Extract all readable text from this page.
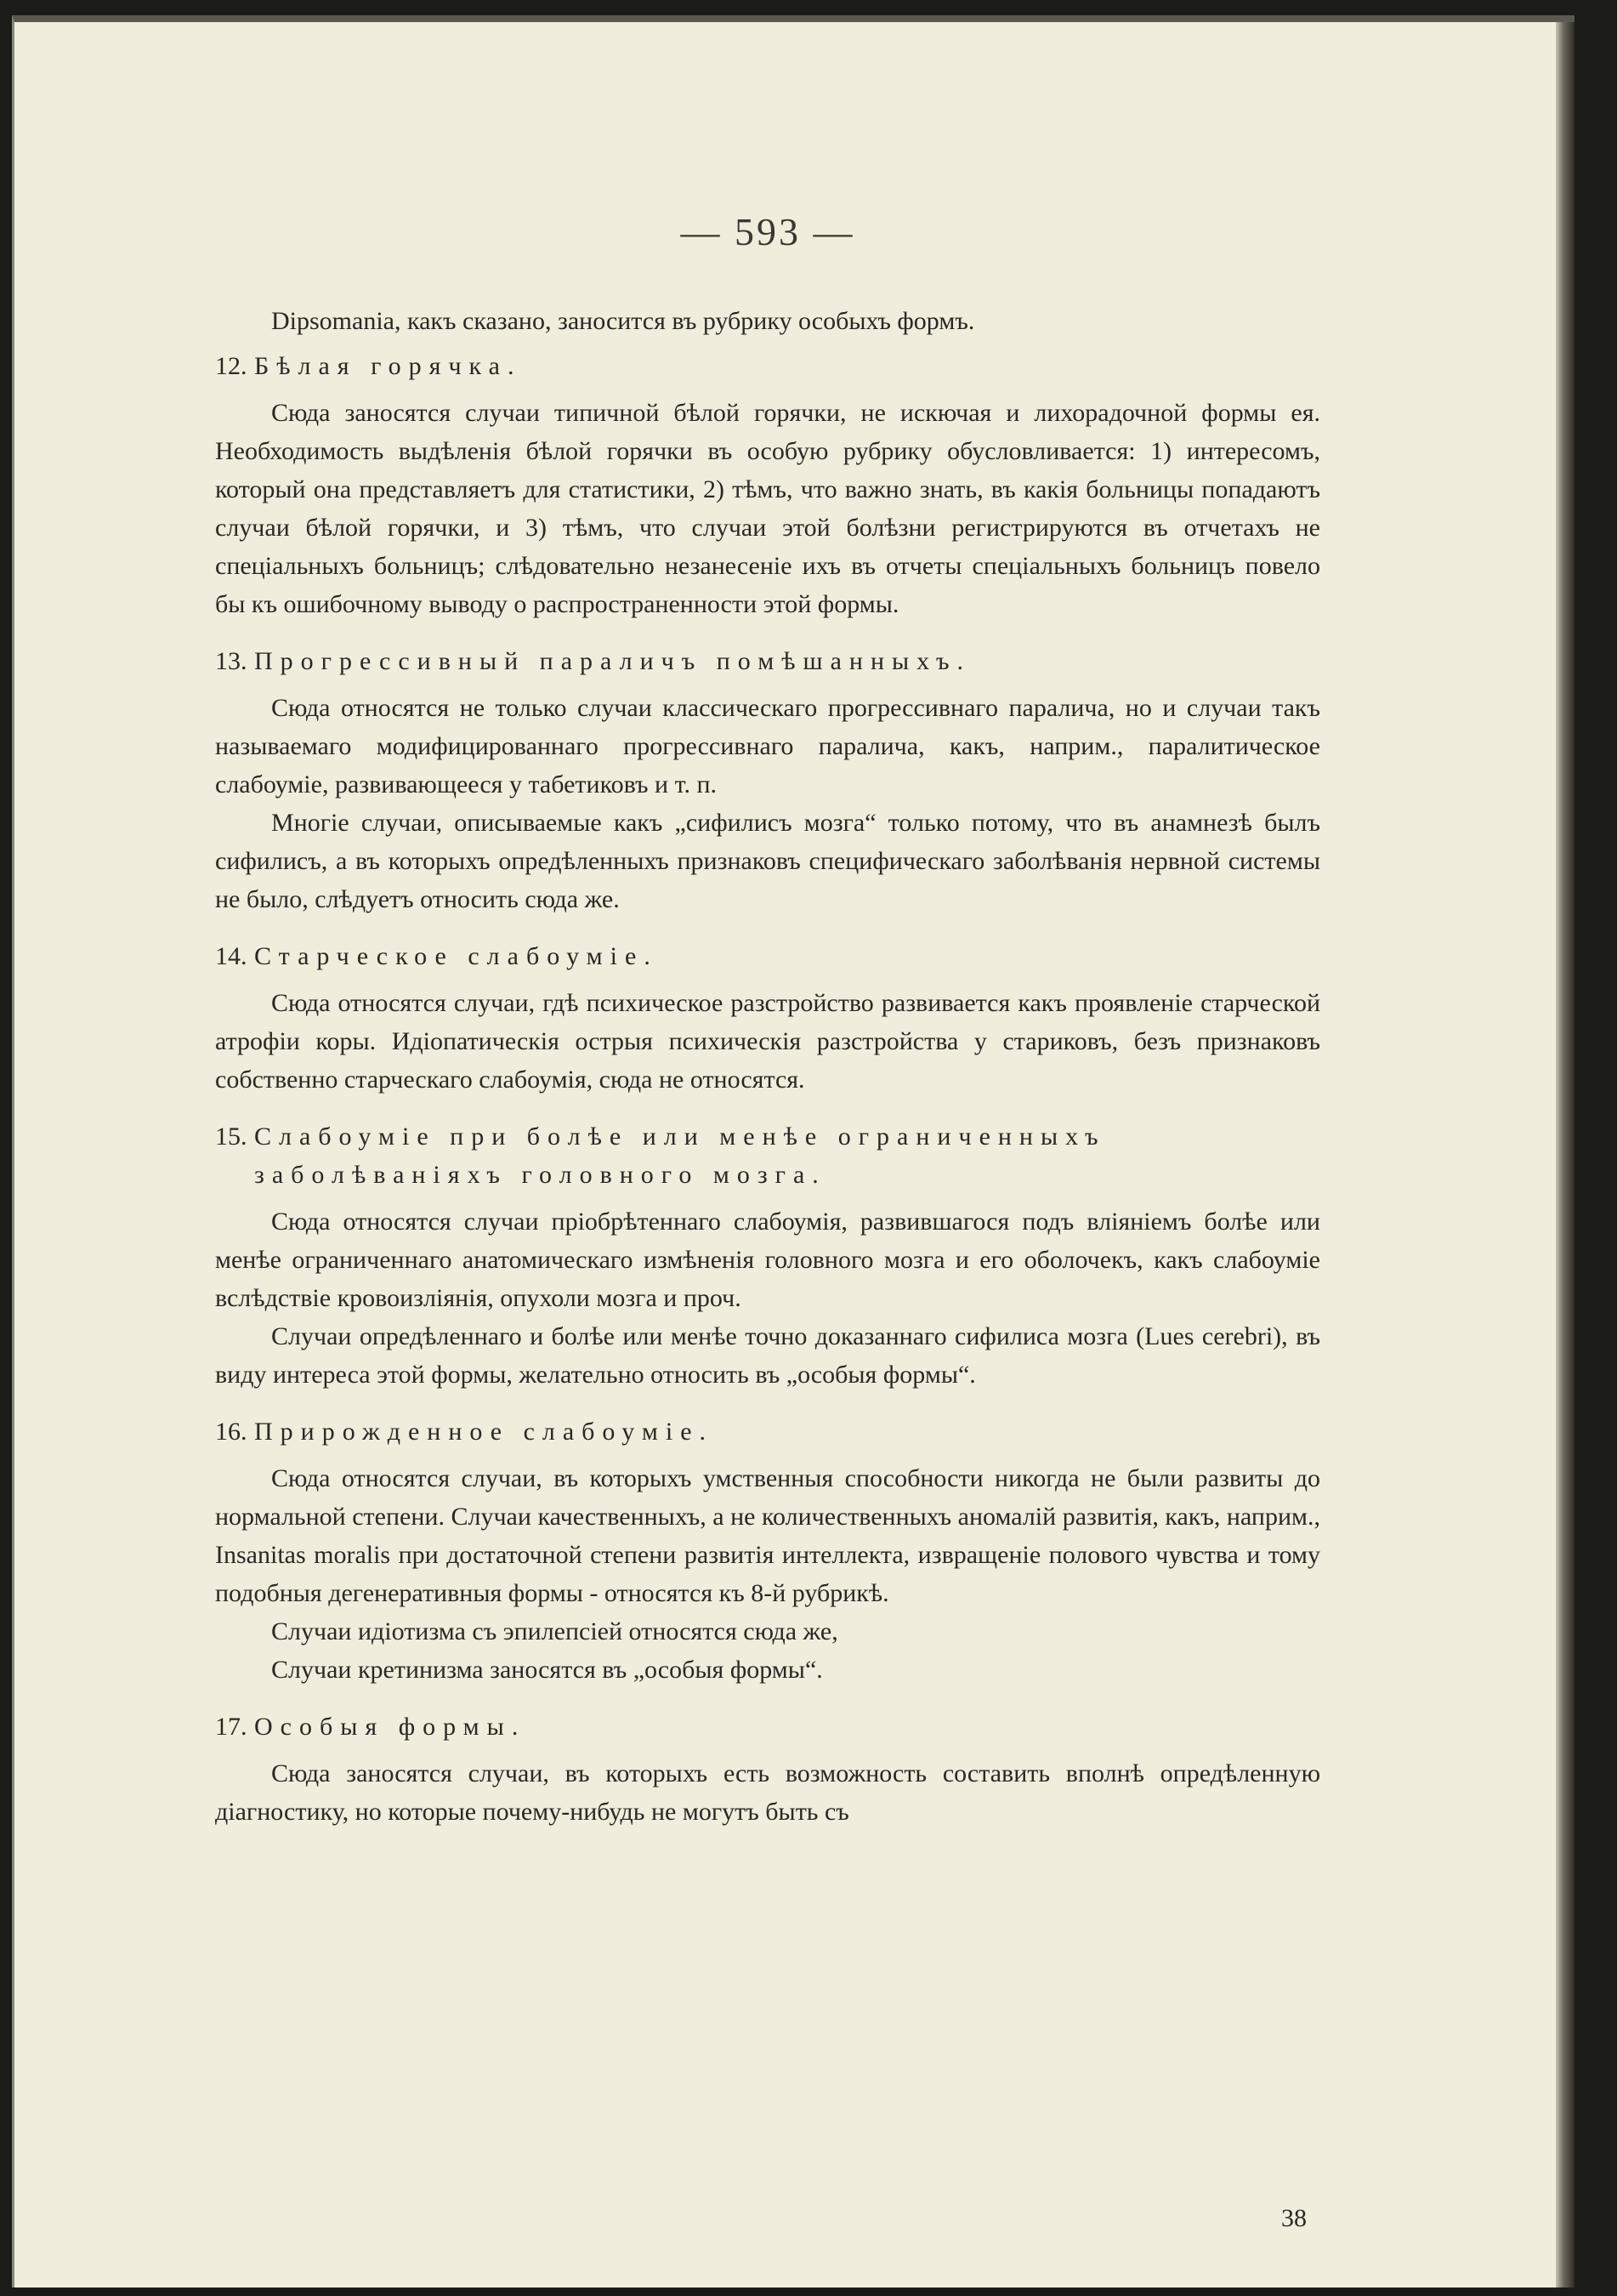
— 593 —

Dipsomania, какъ сказано, заносится въ рубрику особыхъ формъ.

12. Бѣлая горячка.

Сюда заносятся случаи типичной бѣлой горячки, не искючая и лихорадочной формы ея. Необходимость выдѣленія бѣлой горячки въ особую рубрику обусловливается: 1) интересомъ, который она представляетъ для статистики, 2) тѣмъ, что важно знать, въ какія больницы попадаютъ случаи бѣлой горячки, и 3) тѣмъ, что случаи этой болѣзни регистрируются въ отчетахъ не спеціальныхъ больницъ; слѣдовательно незанесеніе ихъ въ отчеты спеціальныхъ больницъ повело бы къ ошибочному выводу о распространенности этой формы.

13. Прогрессивный параличъ помѣшанныхъ.

Сюда относятся не только случаи классическаго прогрессивнаго паралича, но и случаи такъ называемаго модифицированнаго прогрессивнаго паралича, какъ, наприм., паралитическое слабоуміе, развивающееся у табетиковъ и т. п.

Многіе случаи, описываемые какъ „сифилисъ мозга“ только потому, что въ анамнезѣ былъ сифилисъ, а въ которыхъ опредѣленныхъ признаковъ специфическаго заболѣванія нервной системы не было, слѣдуетъ относить сюда же.

14. Старческое слабоуміе.

Сюда относятся случаи, гдѣ психическое разстройство развивается какъ проявленіе старческой атрофіи коры. Идіопатическія острыя психическія разстройства у стариковъ, безъ признаковъ собственно старческаго слабоумія, сюда не относятся.

15. Слабоуміе при болѣе или менѣе ограниченныхъ заболѣваніяхъ головного мозга.

Сюда относятся случаи пріобрѣтеннаго слабоумія, развившагося подъ вліяніемъ болѣе или менѣе ограниченнаго анатомическаго измѣненія головного мозга и его оболочекъ, какъ слабоуміе вслѣдствіе кровоизліянія, опухоли мозга и проч.

Случаи опредѣленнаго и болѣе или менѣе точно доказаннаго сифилиса мозга (Lues cerebri), въ виду интереса этой формы, желательно относить въ „особыя формы“.

16. Прирожденное слабоуміе.

Сюда относятся случаи, въ которыхъ умственныя способности никогда не были развиты до нормальной степени. Случаи качественныхъ, а не количественныхъ аномалій развитія, какъ, наприм., Insanitas moralis при достаточной степени развитія интеллекта, извращеніе полового чувства и тому подобныя дегенеративныя формы - относятся къ 8-й рубрикѣ.

Случаи идіотизма съ эпилепсіей относятся сюда же,

Случаи кретинизма заносятся въ „особыя формы“.

17. Особыя формы.

Сюда заносятся случаи, въ которыхъ есть возможность составить вполнѣ опредѣленную діагностику, но которые почему-нибудь не могутъ быть съ

38
